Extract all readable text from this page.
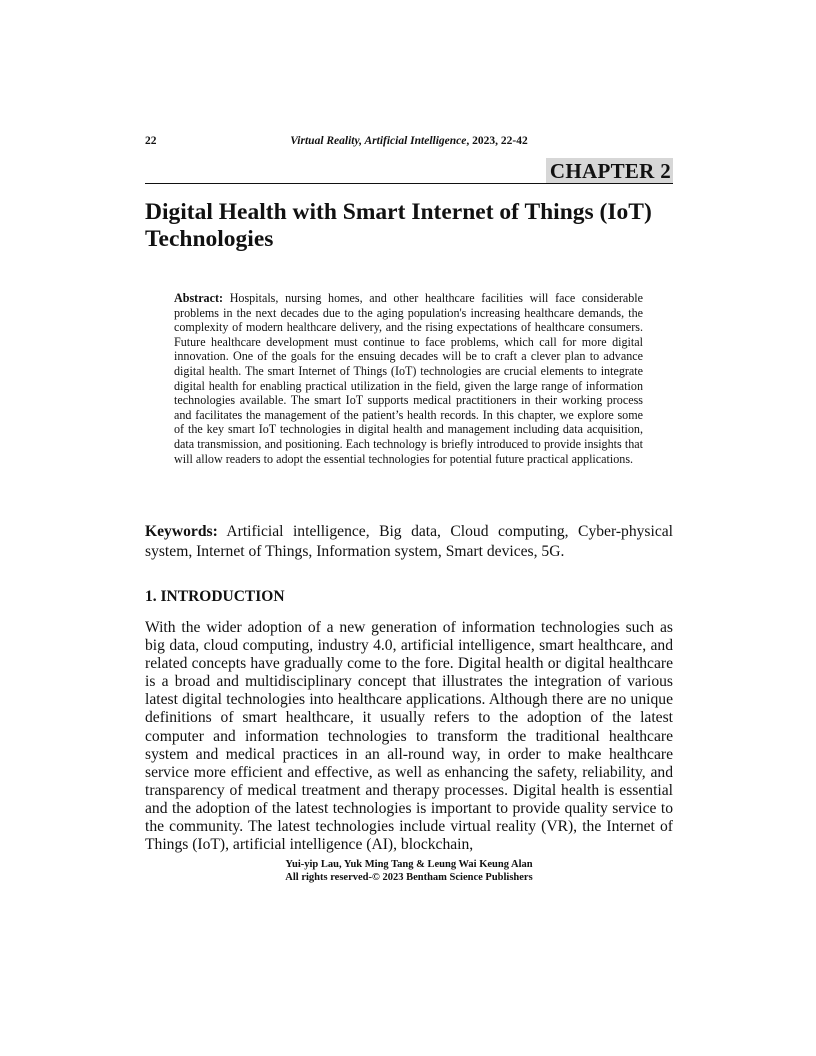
22	Virtual Reality, Artificial Intelligence, 2023, 22-42
CHAPTER 2
Digital Health with Smart Internet of Things (IoT) Technologies

Abstract: Hospitals, nursing homes, and other healthcare facilities will face considerable problems in the next decades due to the aging population's increasing healthcare demands, the complexity of modern healthcare delivery, and the rising expectations of healthcare consumers. Future healthcare development must continue to face problems, which call for more digital innovation. One of the goals for the ensuing decades will be to craft a clever plan to advance digital health. The smart Internet of Things (IoT) technologies are crucial elements to integrate digital health for enabling practical utilization in the field, given the large range of information technologies available. The smart IoT supports medical practitioners in their working process and facilitates the management of the patient’s health records. In this chapter, we explore some of the key smart IoT technologies in digital health and management including data acquisition, data transmission, and positioning. Each technology is briefly introduced to provide insights that will allow readers to adopt the essential technologies for potential future practical applications.

Keywords: Artificial intelligence, Big data, Cloud computing, Cyber-physical system, Internet of Things, Information system, Smart devices, 5G.

1. INTRODUCTION

With the wider adoption of a new generation of information technologies such as big data, cloud computing, industry 4.0, artificial intelligence, smart healthcare, and related concepts have gradually come to the fore. Digital health or digital healthcare is a broad and multidisciplinary concept that illustrates the integration of various latest digital technologies into healthcare applications. Although there are no unique definitions of smart healthcare, it usually refers to the adoption of the latest computer and information technologies to transform the traditional healthcare system and medical practices in an all-round way, in order to make healthcare service more efficient and effective, as well as enhancing the safety, reliability, and transparency of medical treatment and therapy processes. Digital health is essential and the adoption of the latest technologies is important to provide quality service to the community. The latest technologies include virtual reality (VR), the Internet of Things (IoT), artificial intelligence (AI), blockchain,

Yui-yip Lau, Yuk Ming Tang & Leung Wai Keung Alan
All rights reserved-© 2023 Bentham Science Publishers
